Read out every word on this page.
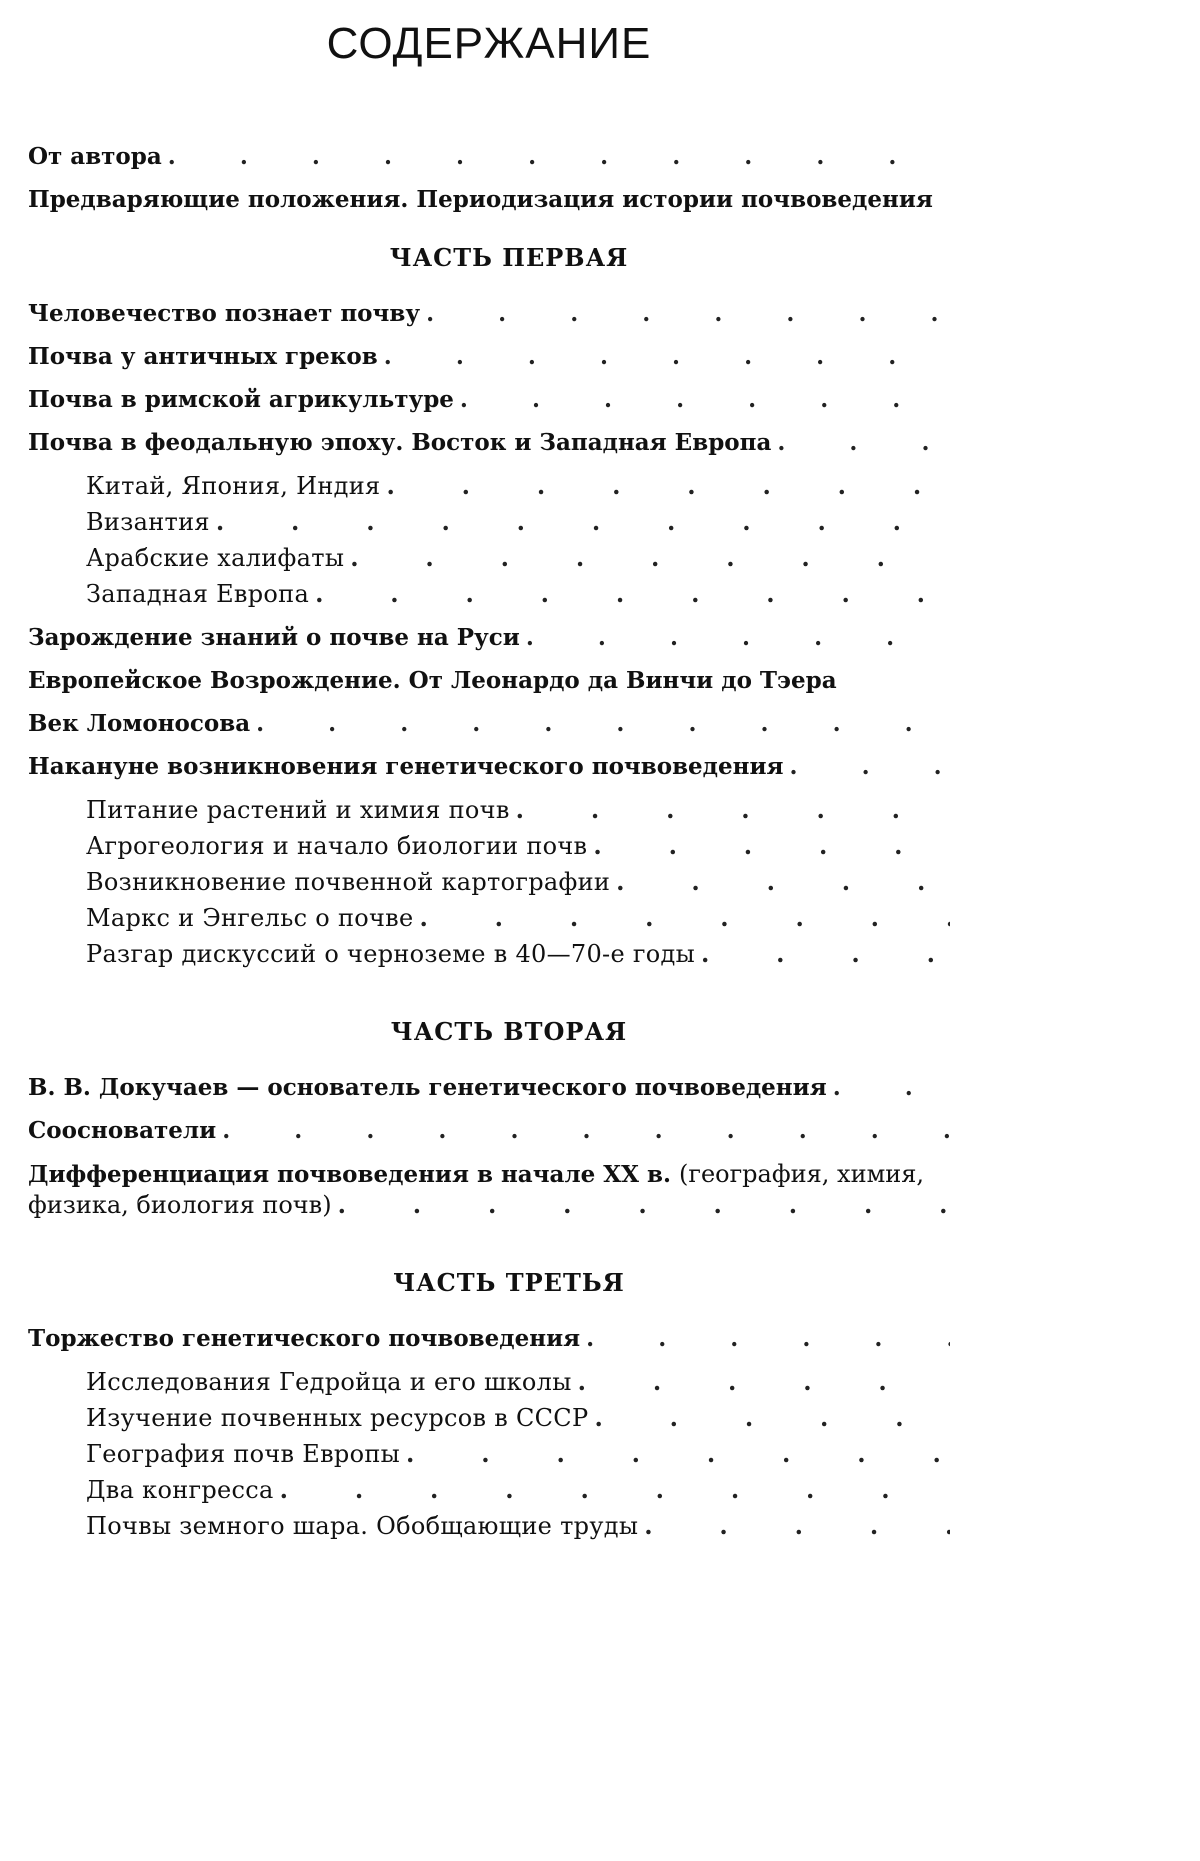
СОДЕРЖАНИЕ
От автора
.
Предваряющие положения. Периодизация истории почвоведения
ЧАСТЬ ПЕРВАЯ
Человечество познает почву
.
Почва у античных греков
.
Почва в римской агрикультуре
.
Почва в феодальную эпоху. Восток и Западная Европа
.
Китай, Япония, Индия
.
Византия
.
Арабские халифаты
.
Западная Европа
.
Зарождение знаний о почве на Руси
.
Европейское Возрождение. От Леонардо да Винчи до Тэера
Век Ломоносова
.
Накануне возникновения генетического почвоведения
.
Питание растений и химия почв
.
Агрогеология и начало биологии почв
.
Возникновение почвенной картографии
.
Маркс и Энгельс о почве
.
Разгар дискуссий о черноземе в 40—70-е годы
.
ЧАСТЬ ВТОРАЯ
В. В. Докучаев — основатель генетического почвоведения
.
Сооснователи
.
Дифференциация почвоведения в начале XX в. (география, химия,
физика, биология почв)
.
ЧАСТЬ ТРЕТЬЯ
Торжество генетического почвоведения
.
Исследования Гедройца и его школы
.
Изучение почвенных ресурсов в СССР
.
География почв Европы
.
Два конгресса
.
Почвы земного шара. Обобщающие труды
.
